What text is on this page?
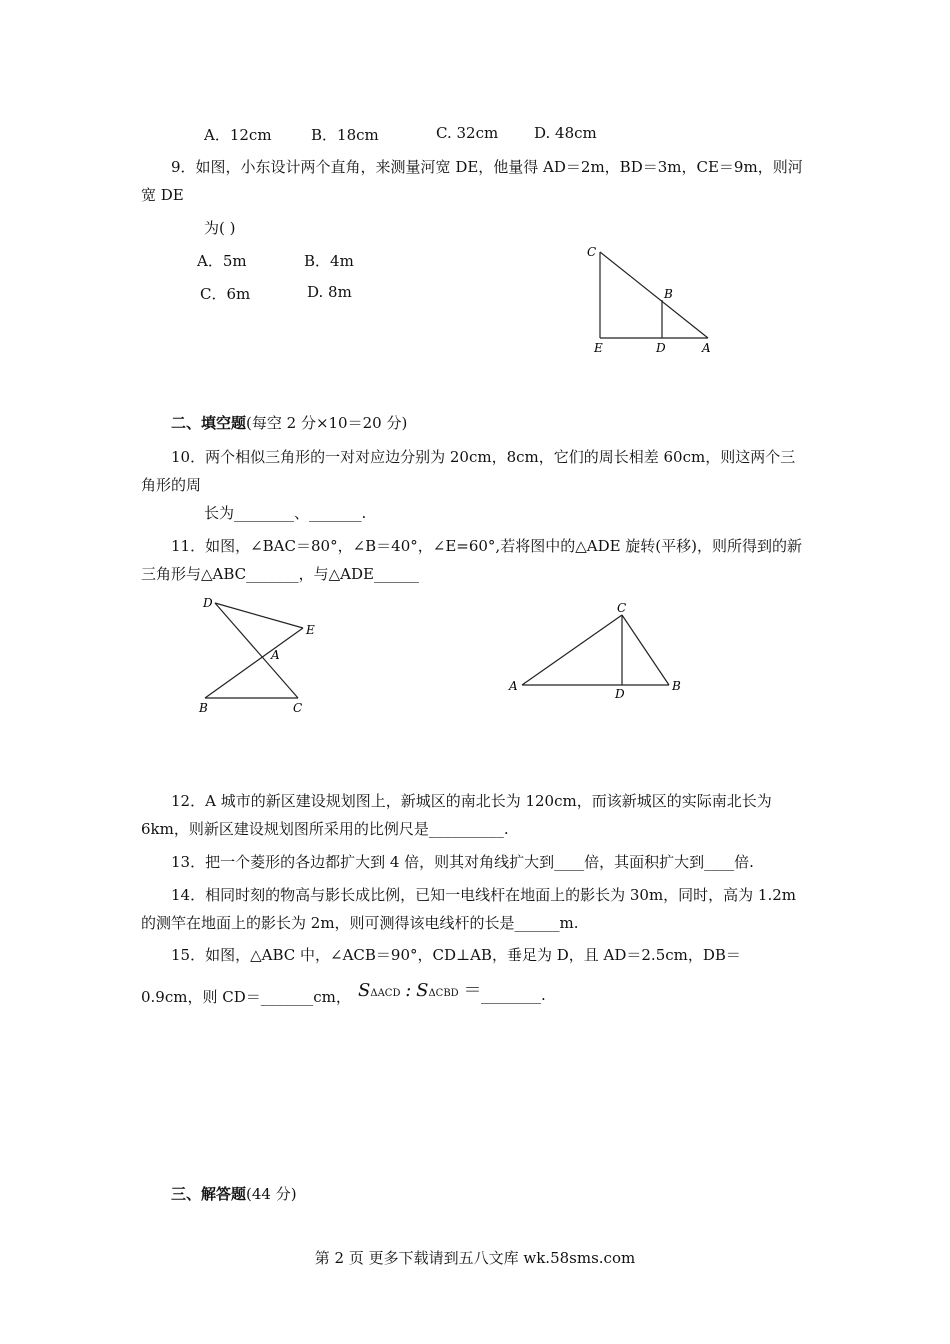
A．12cm	B．18cm	C. 32cm D. 48cm
9．如图，小东设计两个直角，来测量河宽 DE，他量得 AD＝2m，BD＝3m，CE＝9m，则河宽 DE
为( )
A．5m	B．4m
C．6m	D. 8m
C
B
E	D	A
二、填空题(每空 2 分×10＝20 分)
10．两个相似三角形的一对对应边分别为 20cm，8cm，它们的周长相差 60cm，则这两个三角形的周
长为________、_______.
11．如图，∠BAC＝80°，∠B＝40°，∠E=60°,若将图中的△ADE 旋转(平移)，则所得到的新三角形与△ABC_______，与△ADE______
D
E
A
B	C
C
A
D
B
12．A 城市的新区建设规划图上，新城区的南北长为 120cm，而该新城区的实际南北长为 6km，则新区建设规划图所采用的比例尺是__________.
13．把一个菱形的各边都扩大到 4 倍，则其对角线扩大到____倍，其面积扩大到____倍.
14．相同时刻的物高与影长成比例，已知一电线杆在地面上的影长为 30m，同时，高为 1.2m 的测竿在地面上的影长为 2m，则可测得该电线杆的长是______m.
15．如图，△ABC 中，∠ACB＝90°，CD⊥AB，垂足为 D，且 AD＝2.5cm，DB＝
0.9cm，则 CD＝_______cm， SΔACD : SΔCBD ＝ ________.
三、解答题(44 分)
第 2 页 更多下载请到五八文库 wk.58sms.com
